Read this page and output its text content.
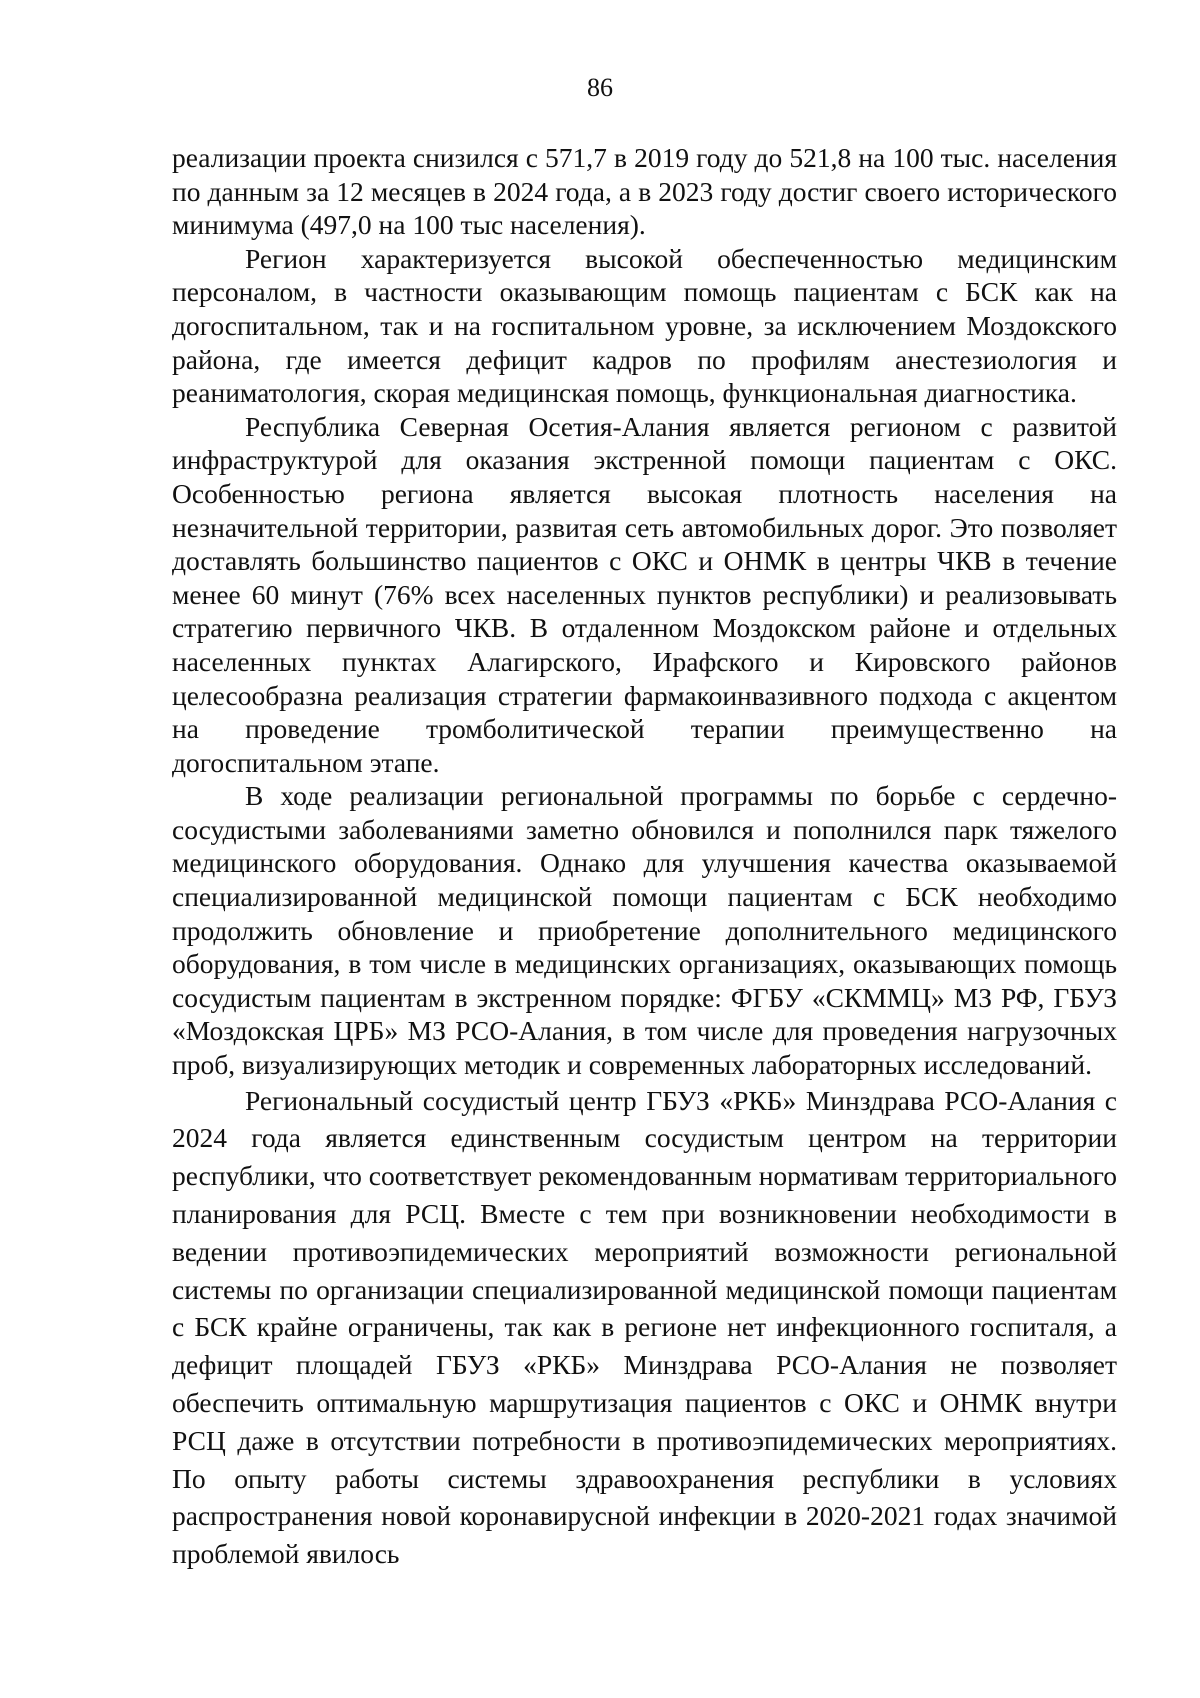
86

реализации проекта снизился с 571,7 в 2019 году до 521,8 на 100 тыс. населения по данным за 12 месяцев в 2024 года, а в 2023 году достиг своего исторического минимума (497,0 на 100 тыс населения).

Регион характеризуется высокой обеспеченностью медицинским персоналом, в частности оказывающим помощь пациентам с БСК как на догоспитальном, так и на госпитальном уровне, за исключением Моздокского района, где имеется дефицит кадров по профилям анестезиология и реаниматология, скорая медицинская помощь, функциональная диагностика.

Республика Северная Осетия-Алания является регионом с развитой инфраструктурой для оказания экстренной помощи пациентам с ОКС. Особенностью региона является высокая плотность населения на незначительной территории, развитая сеть автомобильных дорог. Это позволяет доставлять большинство пациентов с ОКС и ОНМК в центры ЧКВ в течение менее 60 минут (76% всех населенных пунктов республики) и реализовывать стратегию первичного ЧКВ. В отдаленном Моздокском районе и отдельных населенных пунктах Алагирского, Ирафского и Кировского районов целесообразна реализация стратегии фармакоинвазивного подхода с акцентом на проведение тромболитической терапии преимущественно на догоспитальном этапе.

В ходе реализации региональной программы по борьбе с сердечно-сосудистыми заболеваниями заметно обновился и пополнился парк тяжелого медицинского оборудования. Однако для улучшения качества оказываемой специализированной медицинской помощи пациентам с БСК необходимо продолжить обновление и приобретение дополнительного медицинского оборудования, в том числе в медицинских организациях, оказывающих помощь сосудистым пациентам в экстренном порядке: ФГБУ «СКММЦ» МЗ РФ, ГБУЗ «Моздокская ЦРБ» МЗ РСО-Алания, в том числе для проведения нагрузочных проб, визуализирующих методик и современных лабораторных исследований.

Региональный сосудистый центр ГБУЗ «РКБ» Минздрава РСО-Алания с 2024 года является единственным сосудистым центром на территории республики, что соответствует рекомендованным нормативам территориального планирования для РСЦ. Вместе с тем при возникновении необходимости в ведении противоэпидемических мероприятий возможности региональной системы по организации специализированной медицинской помощи пациентам с БСК крайне ограничены, так как в регионе нет инфекционного госпиталя, а дефицит площадей ГБУЗ «РКБ» Минздрава РСО-Алания не позволяет обеспечить оптимальную маршрутизация пациентов с ОКС и ОНМК внутри РСЦ даже в отсутствии потребности в противоэпидемических мероприятиях. По опыту работы системы здравоохранения республики в условиях распространения новой коронавирусной инфекции в 2020-2021 годах значимой проблемой явилось
